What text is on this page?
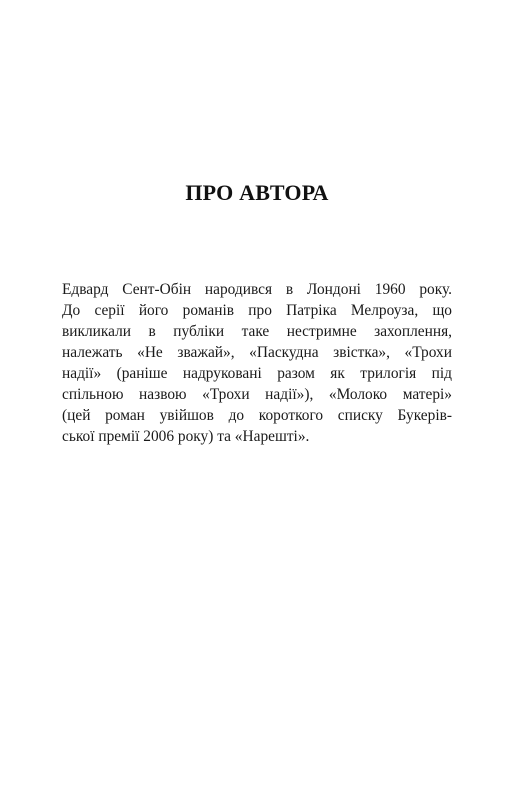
ПРО АВТОРА
Едвард Сент-Обін народився в Лондоні 1960 року.
До серії його романів про Патріка Мелроуза, що
викликали в публіки таке нестримне захоплення,
належать «Не зважай», «Паскудна звістка», «Трохи
надії» (раніше надруковані разом як трилогія під
спільною назвою «Трохи надії»), «Молоко матері»
(цей роман увійшов до короткого списку Букерів-
ської премії 2006 року) та «Нарешті».
